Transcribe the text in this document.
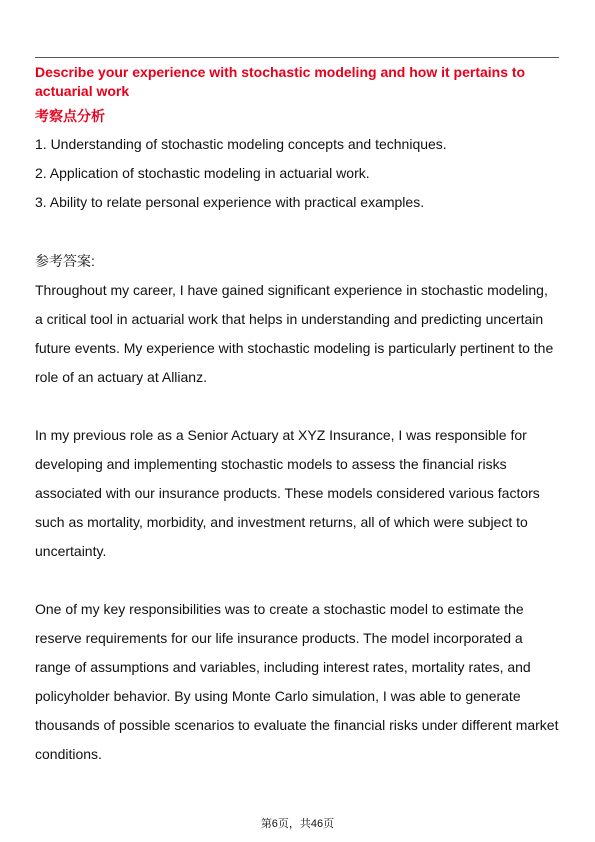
Describe your experience with stochastic modeling and how it pertains to actuarial work
考察点分析
1. Understanding of stochastic modeling concepts and techniques.
2. Application of stochastic modeling in actuarial work.
3. Ability to relate personal experience with practical examples.
参考答案:

Throughout my career, I have gained significant experience in stochastic modeling, a critical tool in actuarial work that helps in understanding and predicting uncertain future events. My experience with stochastic modeling is particularly pertinent to the role of an actuary at Allianz.

In my previous role as a Senior Actuary at XYZ Insurance, I was responsible for developing and implementing stochastic models to assess the financial risks associated with our insurance products. These models considered various factors such as mortality, morbidity, and investment returns, all of which were subject to uncertainty.

One of my key responsibilities was to create a stochastic model to estimate the reserve requirements for our life insurance products. The model incorporated a range of assumptions and variables, including interest rates, mortality rates, and policyholder behavior. By using Monte Carlo simulation, I was able to generate thousands of possible scenarios to evaluate the financial risks under different market conditions.

第6页，共46页
